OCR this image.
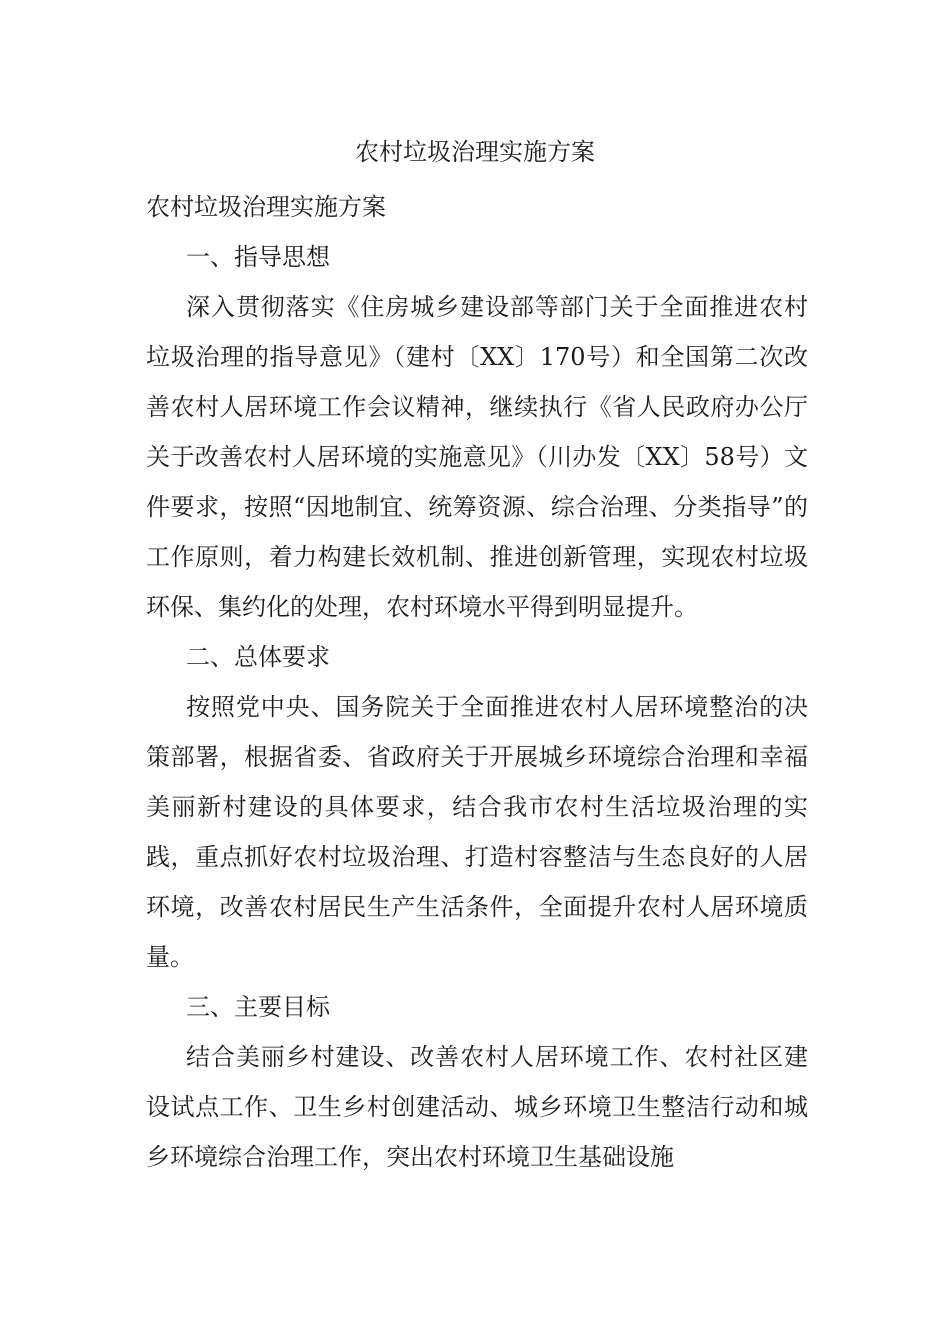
农村垃圾治理实施方案

农村垃圾治理实施方案

一、指导思想

深入贯彻落实《住房城乡建设部等部门关于全面推进农村垃圾治理的指导意见》（建村〔XX〕170号）和全国第二次改善农村人居环境工作会议精神，继续执行《省人民政府办公厅关于改善农村人居环境的实施意见》（川办发〔XX〕58号）文件要求，按照“因地制宜、统筹资源、综合治理、分类指导”的工作原则，着力构建长效机制、推进创新管理，实现农村垃圾环保、集约化的处理，农村环境水平得到明显提升。

二、总体要求

按照党中央、国务院关于全面推进农村人居环境整治的决策部署，根据省委、省政府关于开展城乡环境综合治理和幸福美丽新村建设的具体要求，结合我市农村生活垃圾治理的实践，重点抓好农村垃圾治理、打造村容整洁与生态良好的人居环境，改善农村居民生产生活条件，全面提升农村人居环境质量。

三、主要目标

结合美丽乡村建设、改善农村人居环境工作、农村社区建设试点工作、卫生乡村创建活动、城乡环境卫生整洁行动和城乡环境综合治理工作，突出农村环境卫生基础设施
